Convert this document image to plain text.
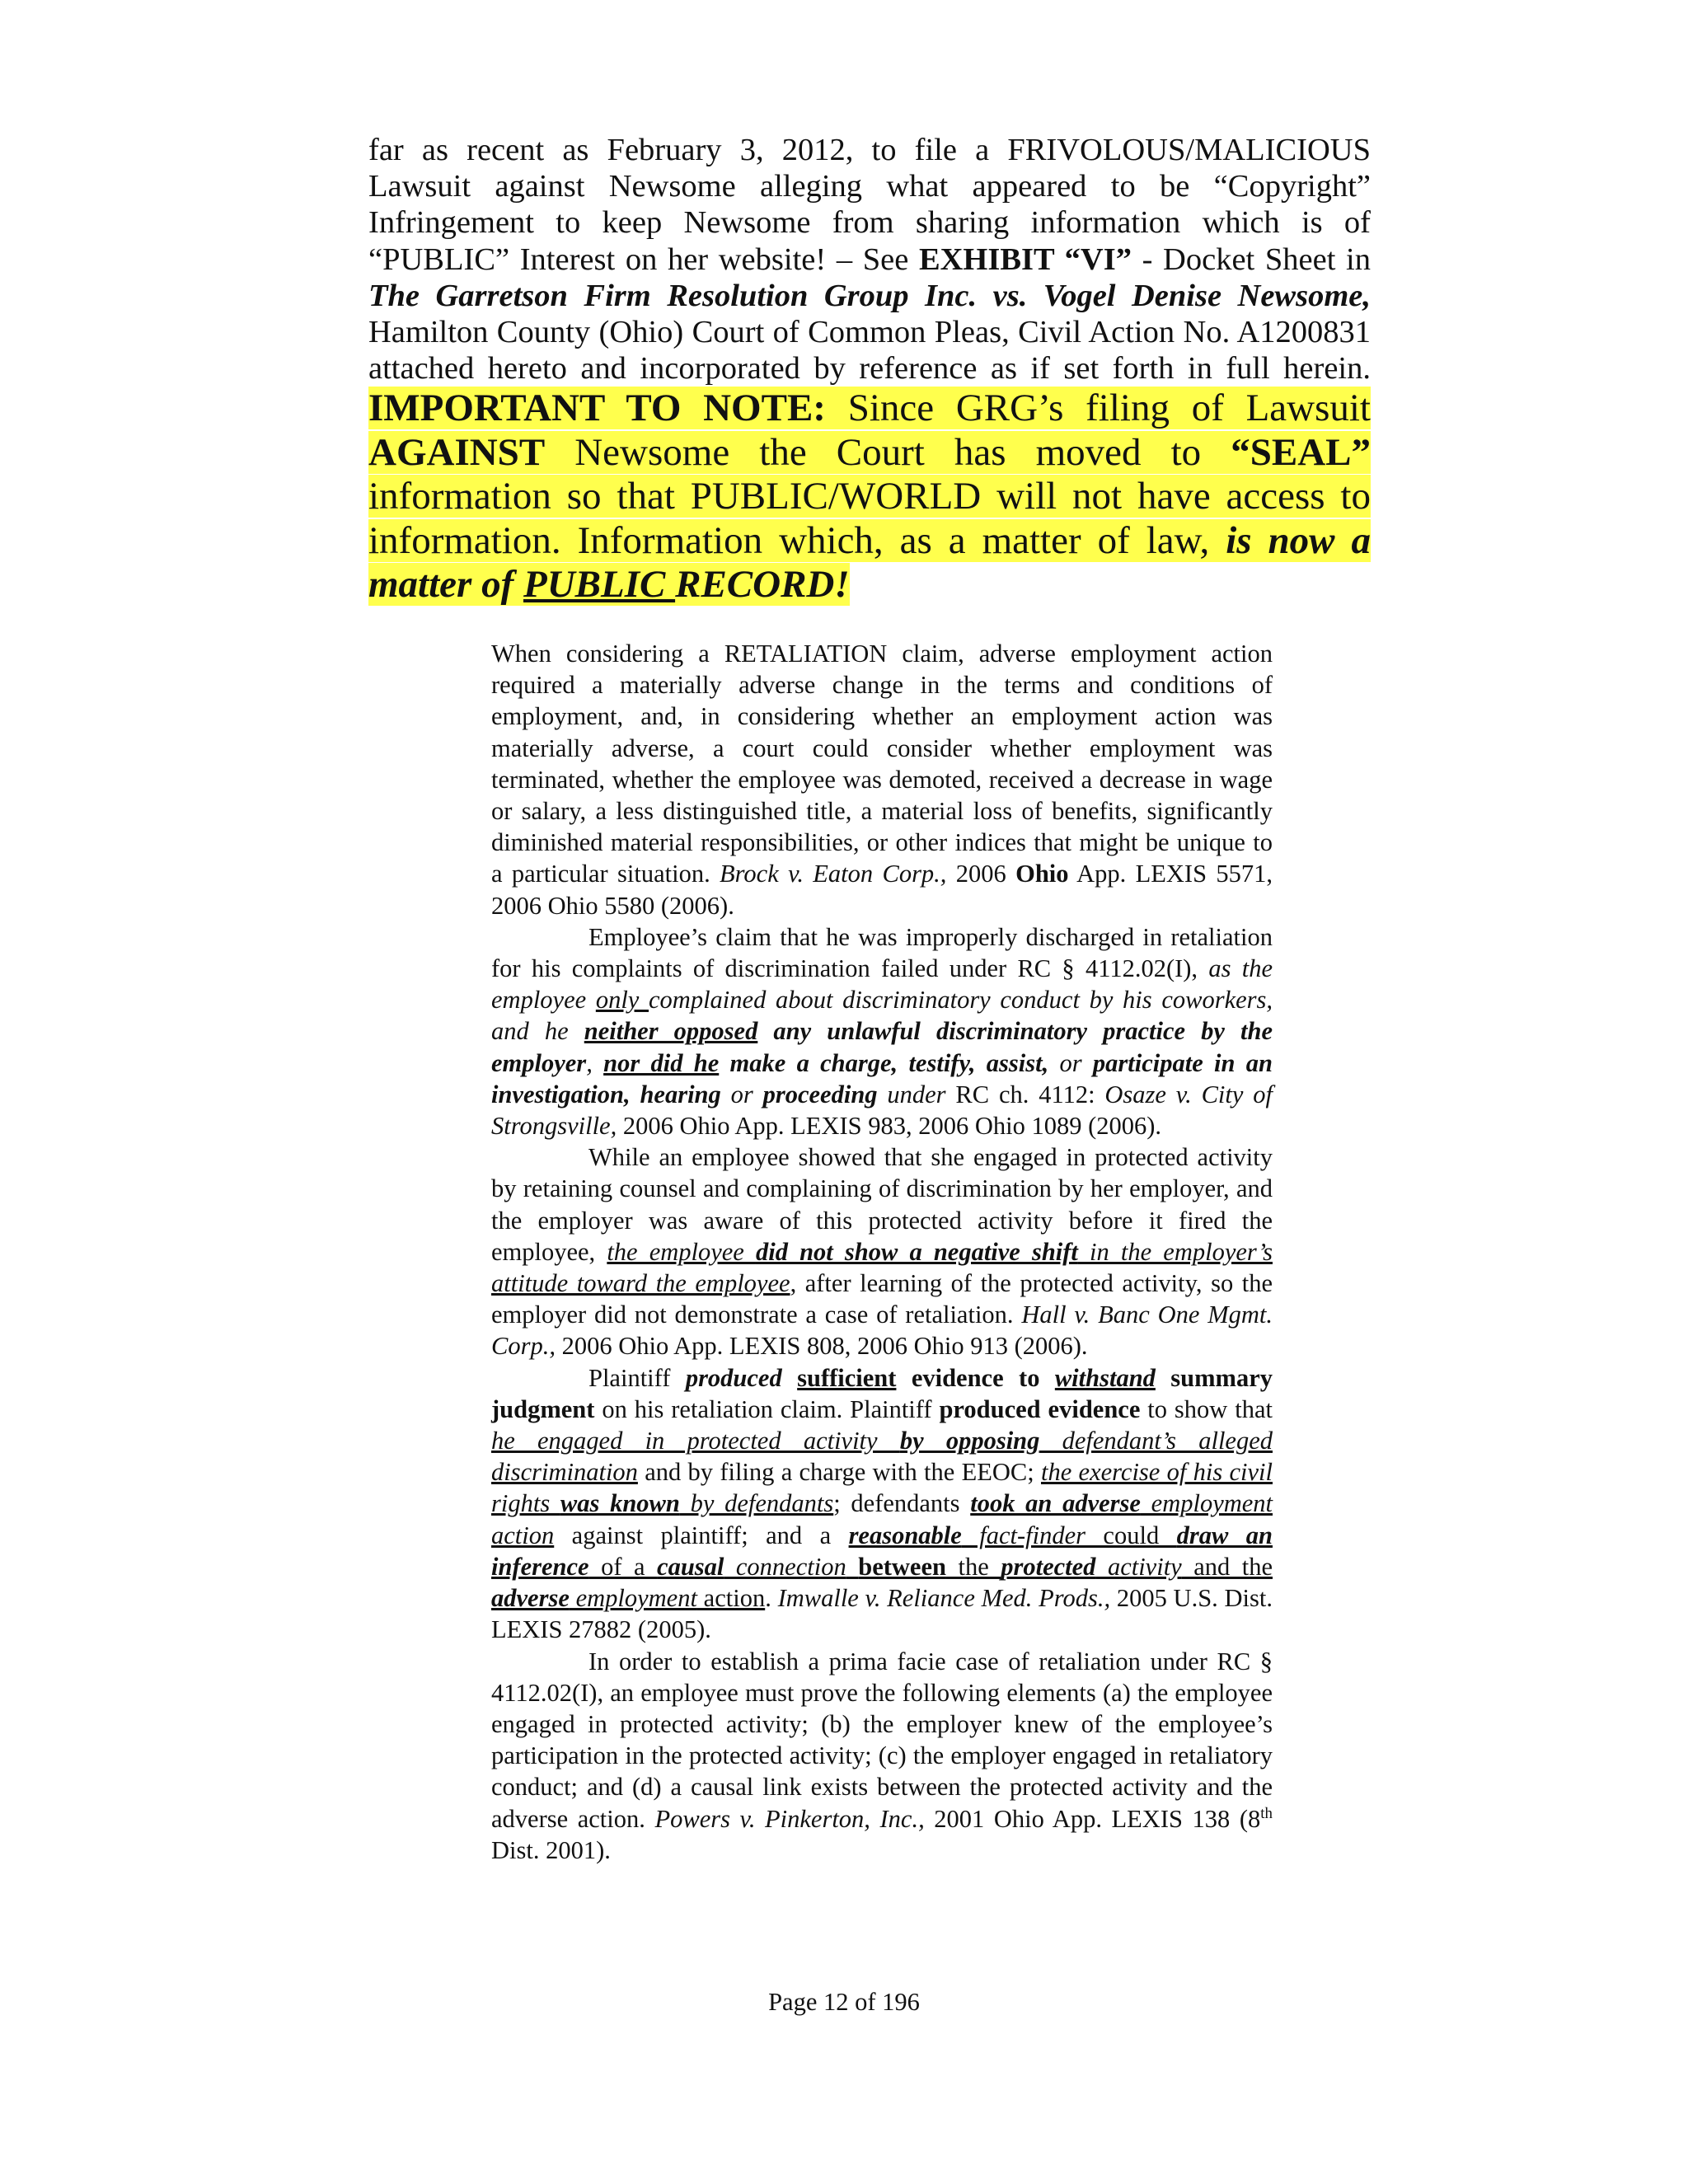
far as recent as February 3, 2012, to file a FRIVOLOUS/MALICIOUS Lawsuit against Newsome alleging what appeared to be “Copyright” Infringement to keep Newsome from sharing information which is of “PUBLIC” Interest on her website! – See EXHIBIT “VI” - Docket Sheet in The Garretson Firm Resolution Group Inc. vs. Vogel Denise Newsome, Hamilton County (Ohio) Court of Common Pleas, Civil Action No. A1200831 attached hereto and incorporated by reference as if set forth in full herein. IMPORTANT TO NOTE: Since GRG’s filing of Lawsuit AGAINST Newsome the Court has moved to “SEAL” information so that PUBLIC/WORLD will not have access to information. Information which, as a matter of law, is now a matter of PUBLIC RECORD!

When considering a RETALIATION claim, adverse employment action required a materially adverse change in the terms and conditions of employment, and, in considering whether an employment action was materially adverse, a court could consider whether employment was terminated, whether the employee was demoted, received a decrease in wage or salary, a less distinguished title, a material loss of benefits, significantly diminished material responsibilities, or other indices that might be unique to a particular situation. Brock v. Eaton Corp., 2006 Ohio App. LEXIS 5571, 2006 Ohio 5580 (2006).

Employee’s claim that he was improperly discharged in retaliation for his complaints of discrimination failed under RC § 4112.02(I), as the employee only complained about discriminatory conduct by his coworkers, and he neither opposed any unlawful discriminatory practice by the employer, nor did he make a charge, testify, assist, or participate in an investigation, hearing or proceeding under RC ch. 4112: Osaze v. City of Strongsville, 2006 Ohio App. LEXIS 983, 2006 Ohio 1089 (2006).

While an employee showed that she engaged in protected activity by retaining counsel and complaining of discrimination by her employer, and the employer was aware of this protected activity before it fired the employee, the employee did not show a negative shift in the employer’s attitude toward the employee, after learning of the protected activity, so the employer did not demonstrate a case of retaliation. Hall v. Banc One Mgmt. Corp., 2006 Ohio App. LEXIS 808, 2006 Ohio 913 (2006).

Plaintiff produced sufficient evidence to withstand summary judgment on his retaliation claim. Plaintiff produced evidence to show that he engaged in protected activity by opposing defendant’s alleged discrimination and by filing a charge with the EEOC; the exercise of his civil rights was known by defendants; defendants took an adverse employment action against plaintiff; and a reasonable fact-finder could draw an inference of a causal connection between the protected activity and the adverse employment action. Imwalle v. Reliance Med. Prods., 2005 U.S. Dist. LEXIS 27882 (2005).

In order to establish a prima facie case of retaliation under RC § 4112.02(I), an employee must prove the following elements (a) the employee engaged in protected activity; (b) the employer knew of the employee’s participation in the protected activity; (c) the employer engaged in retaliatory conduct; and (d) a causal link exists between the protected activity and the adverse action. Powers v. Pinkerton, Inc., 2001 Ohio App. LEXIS 138 (8th Dist. 2001).

Page 12 of 196
